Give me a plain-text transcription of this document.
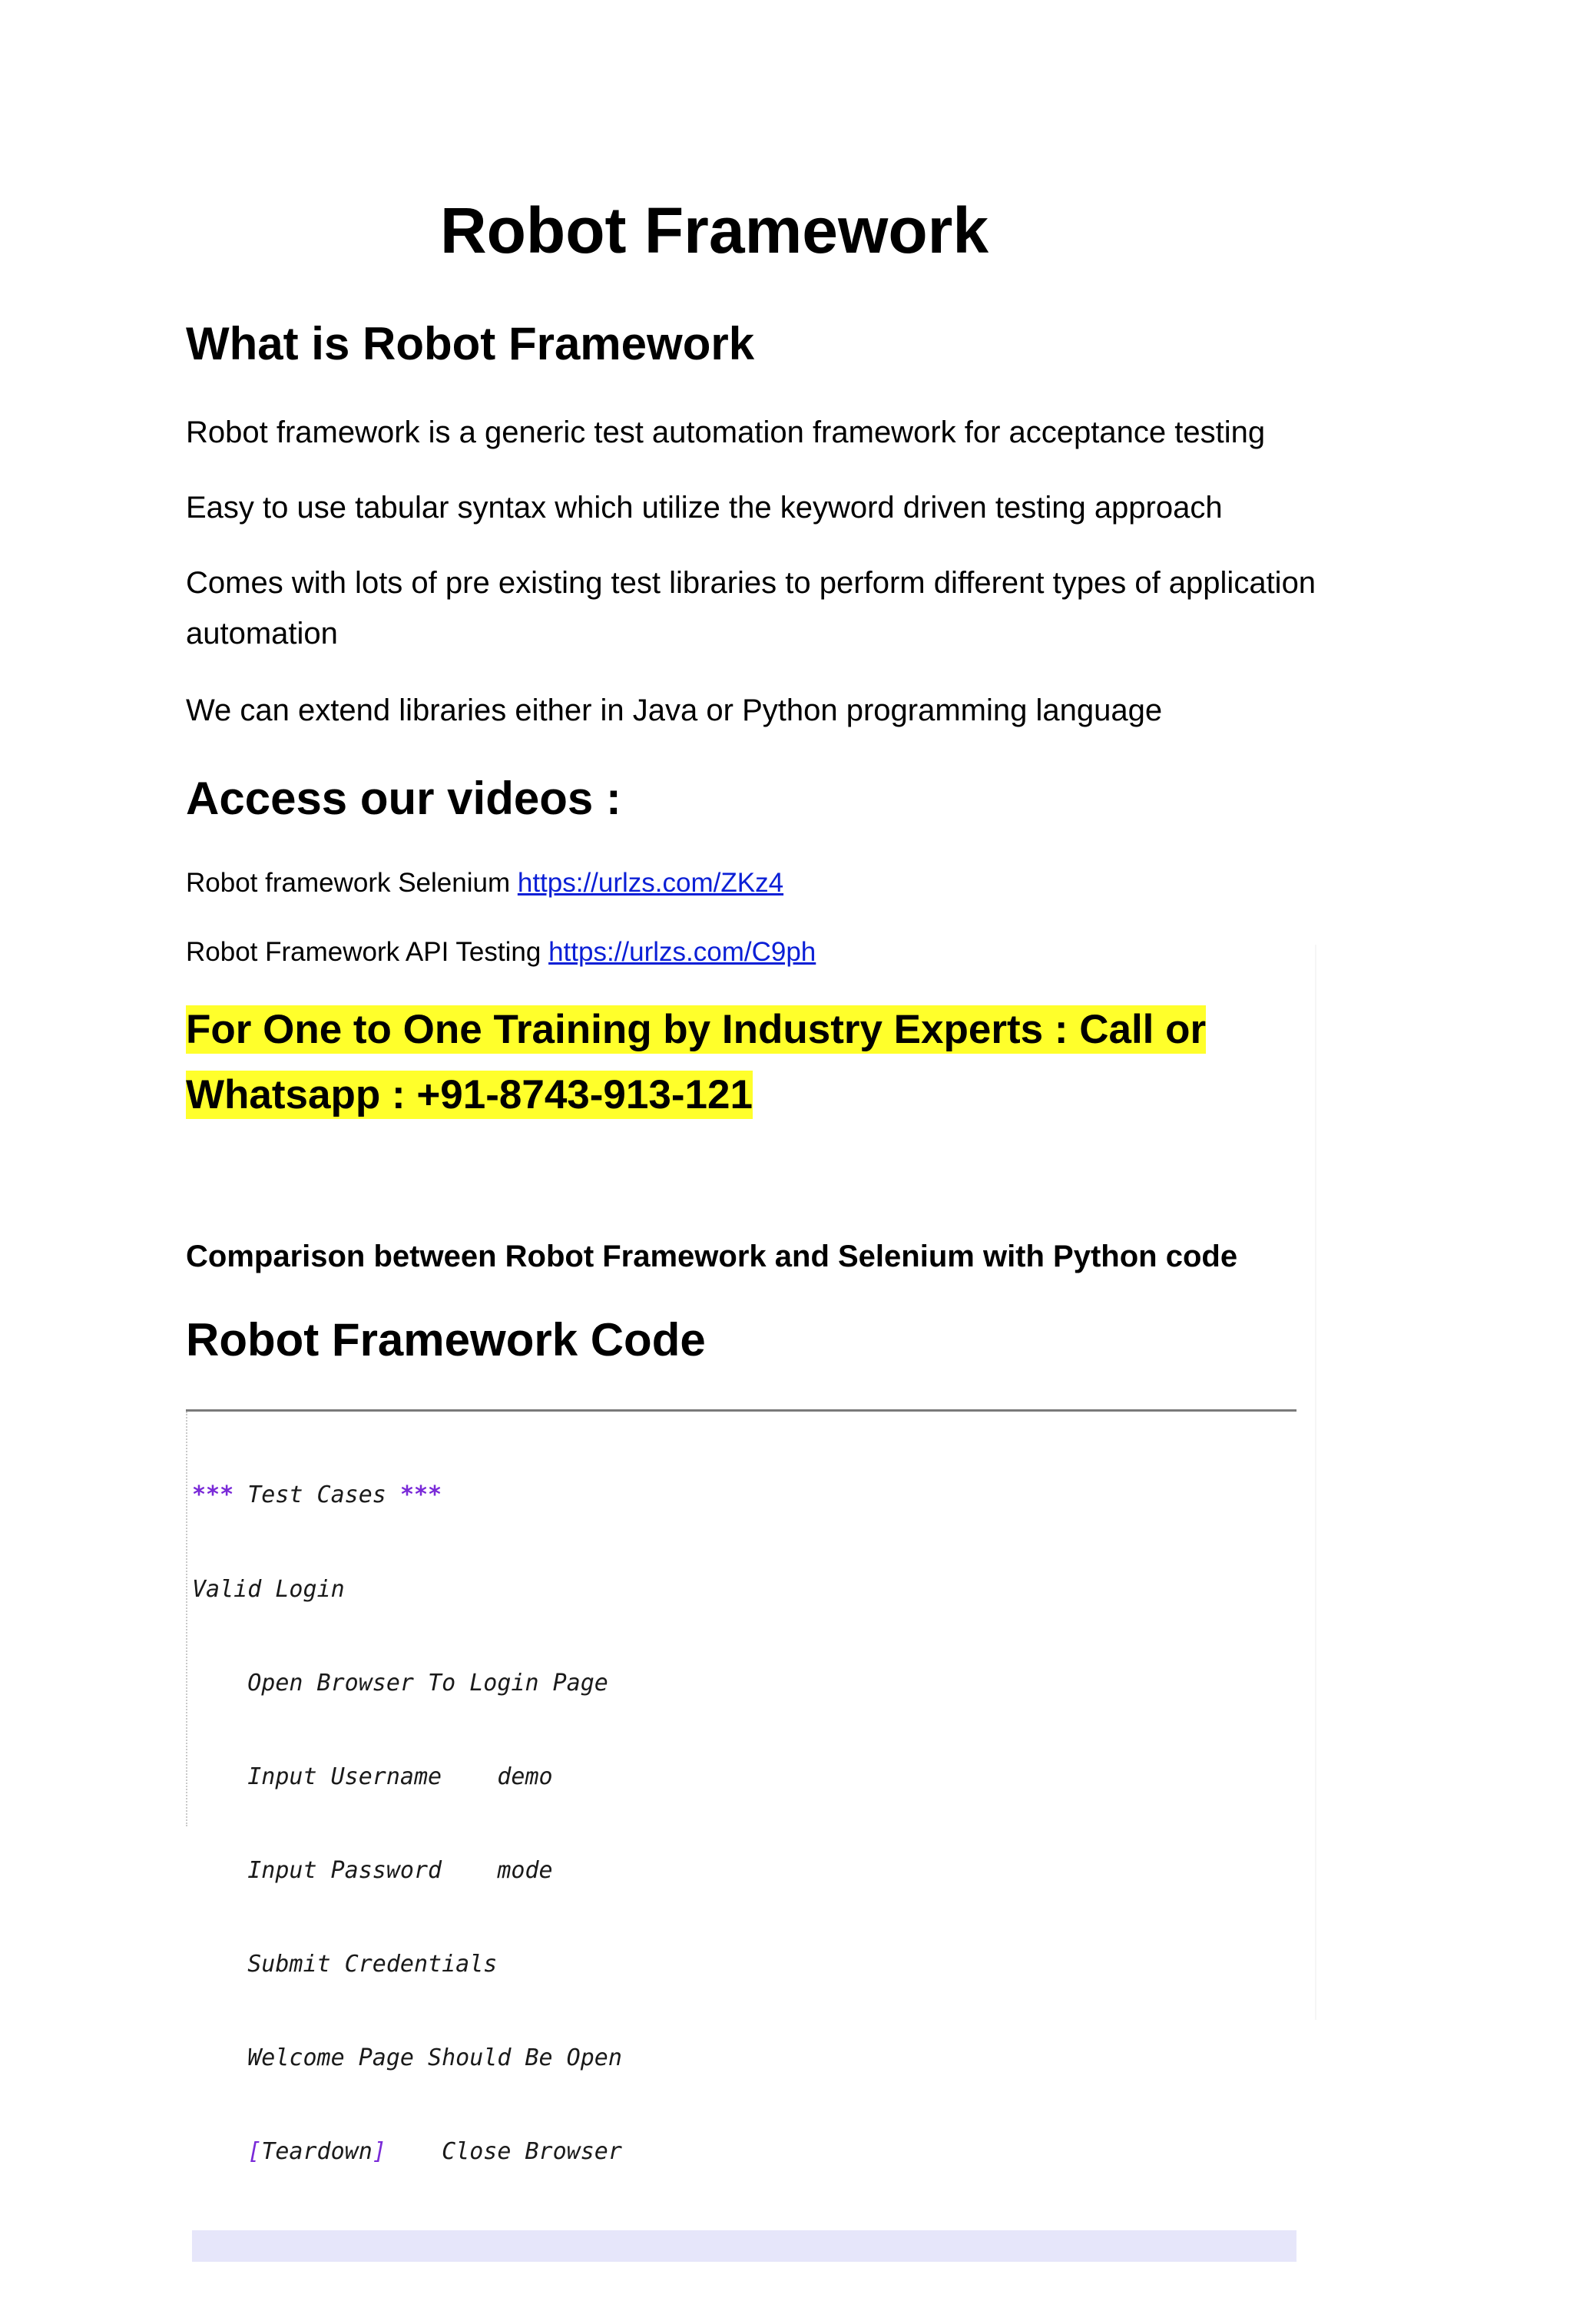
Robot Framework
What is Robot Framework
Robot framework is a generic test automation framework for acceptance testing
Easy to use tabular syntax which utilize the keyword driven testing approach
Comes with lots of pre existing test libraries to perform different types of application automation
We can extend libraries either in Java or Python programming language
Access our videos :
Robot framework Selenium https://urlzs.com/ZKz4
Robot Framework API Testing https://urlzs.com/C9ph
For One to One Training by Industry Experts : Call or
Whatsapp : +91-8743-913-121
Comparison between Robot Framework and Selenium with Python code
Robot Framework Code

*** Test Cases ***

Valid Login

Open Browser To Login Page

Input Username    demo

Input Password    mode

Submit Credentials

Welcome Page Should Be Open

[Teardown]    Close Browser
